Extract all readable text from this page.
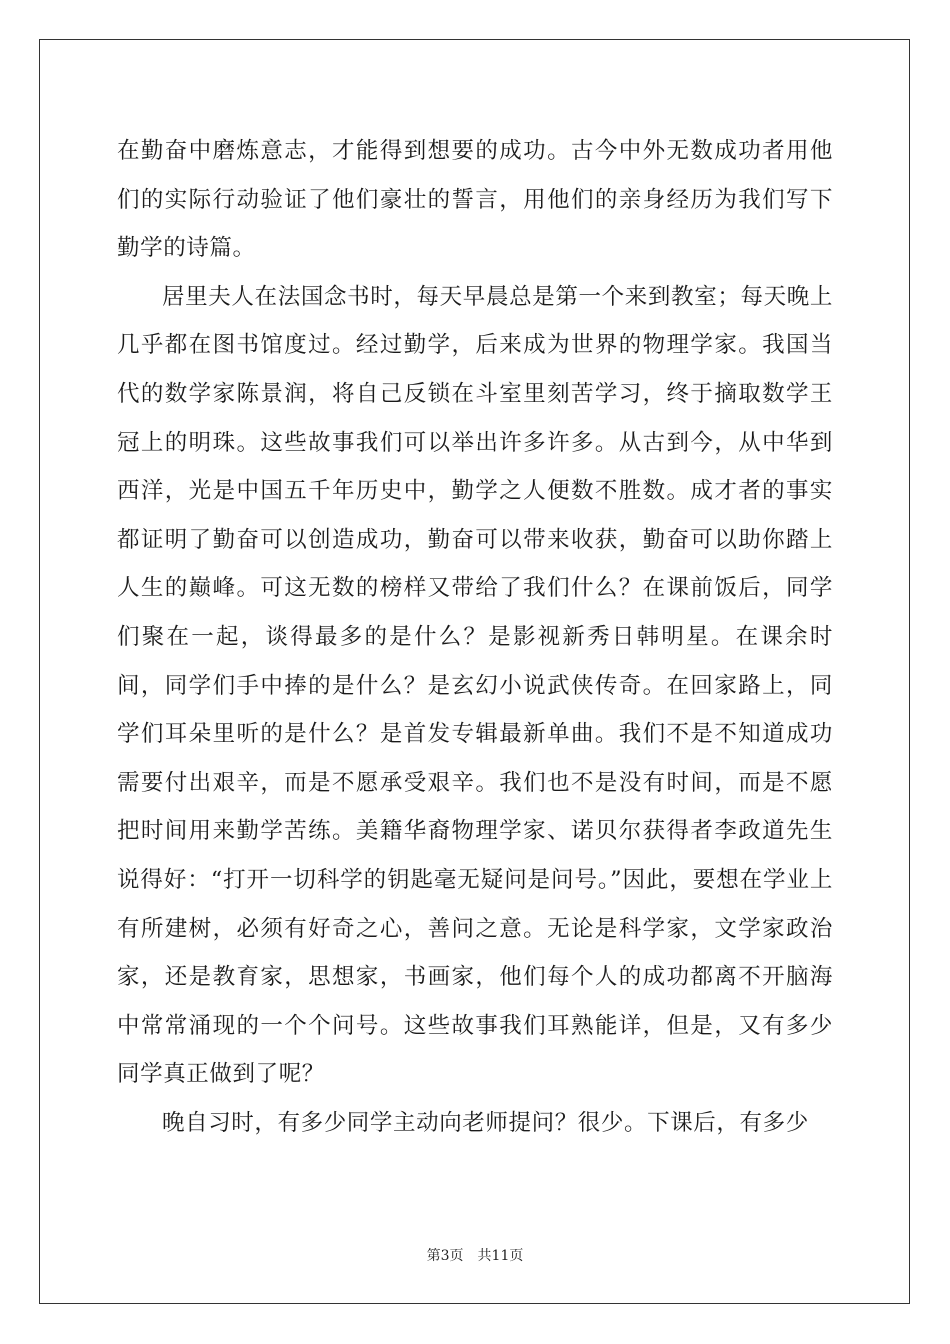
在勤奋中磨炼意志，才能得到想要的成功。古今中外无数成功者用他们的实际行动验证了他们豪壮的誓言，用他们的亲身经历为我们写下勤学的诗篇。

居里夫人在法国念书时，每天早晨总是第一个来到教室；每天晚上几乎都在图书馆度过。经过勤学，后来成为世界的物理学家。我国当代的数学家陈景润，将自己反锁在斗室里刻苦学习，终于摘取数学王冠上的明珠。这些故事我们可以举出许多许多。从古到今，从中华到西洋，光是中国五千年历史中，勤学之人便数不胜数。成才者的事实都证明了勤奋可以创造成功，勤奋可以带来收获，勤奋可以助你踏上人生的巅峰。可这无数的榜样又带给了我们什么？在课前饭后，同学们聚在一起，谈得最多的是什么？是影视新秀日韩明星。在课余时间，同学们手中捧的是什么？是玄幻小说武侠传奇。在回家路上，同学们耳朵里听的是什么？是首发专辑最新单曲。我们不是不知道成功需要付出艰辛，而是不愿承受艰辛。我们也不是没有时间，而是不愿把时间用来勤学苦练。美籍华裔物理学家、诺贝尔获得者李政道先生说得好：“打开一切科学的钥匙毫无疑问是问号。”因此，要想在学业上有所建树，必须有好奇之心，善问之意。无论是科学家，文学家政治家，还是教育家，思想家，书画家，他们每个人的成功都离不开脑海中常常涌现的一个个问号。这些故事我们耳熟能详，但是，又有多少同学真正做到了呢？

晚自习时，有多少同学主动向老师提问？很少。下课后，有多少

第3页　共11页
